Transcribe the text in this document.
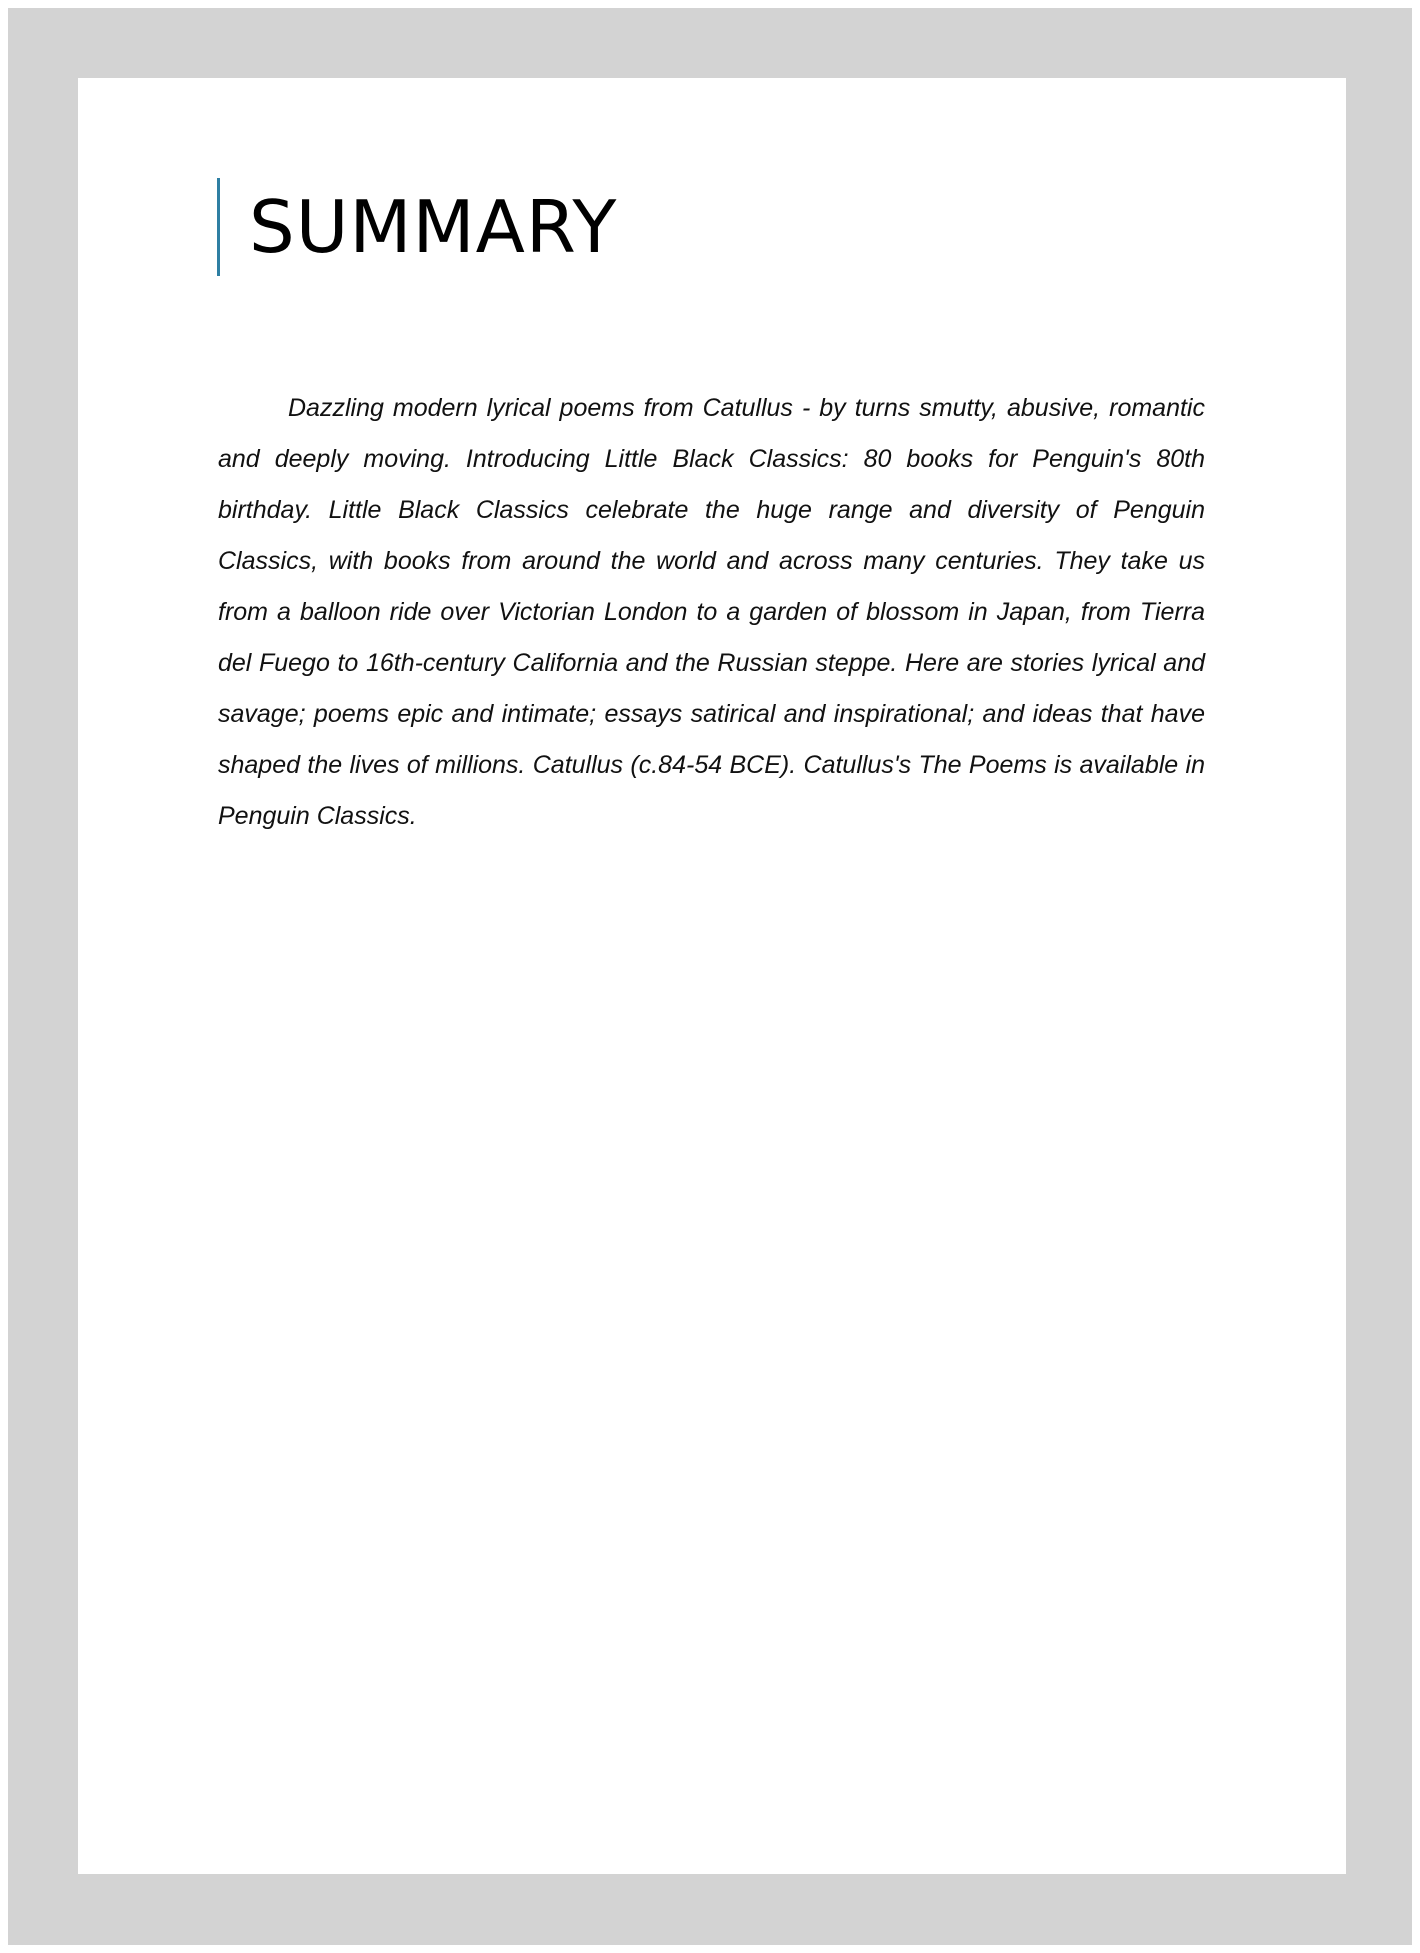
SUMMARY

Dazzling modern lyrical poems from Catullus - by turns smutty, abusive, romantic and deeply moving. Introducing Little Black Classics: 80 books for Penguin's 80th birthday. Little Black Classics celebrate the huge range and diversity of Penguin Classics, with books from around the world and across many centuries. They take us from a balloon ride over Victorian London to a garden of blossom in Japan, from Tierra del Fuego to 16th-century California and the Russian steppe. Here are stories lyrical and savage; poems epic and intimate; essays satirical and inspirational; and ideas that have shaped the lives of millions. Catullus (c.84-54 BCE). Catullus's The Poems is available in Penguin Classics.
